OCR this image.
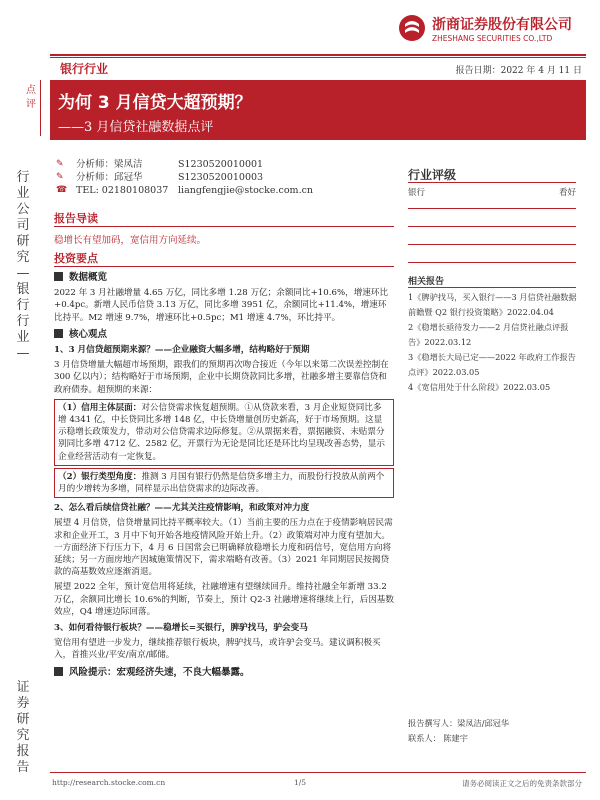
浙商证券股份有限公司
ZHESHANG SECURITIES CO.,LTD
银行行业	报告日期：2022 年 4 月 11 日
点评 为何 3 月信贷大超预期？
——3 月信贷社融数据点评
行业公司研究—银行行业—
证券研究报告
✎	分析师：梁凤洁	S1230520010001
✎	分析师：邱冠华	S1230520010003
☎ TEL: 02180108037 liangfengjie@stocke.com.cn
报告导读
稳增长有望加码，宽信用方向延续。
投资要点
数据概览
2022 年 3 月社融增量 4.65 万亿，同比多增 1.28 万亿；余额同比+10.6%，增速环比+0.4pc。新增人民币信贷 3.13 万亿，同比多增 3951 亿，余额同比+11.4%，增速环比持平。M2 增速 9.7%，增速环比+0.5pc；M1 增速 4.7%，环比持平。
核心观点
1、3 月信贷超预期来源？——企业融资大幅多增，结构略好于预期
3 月信贷增量大幅超市场预期，跟我们的预期再次吻合接近（今年以来第二次误差控制在 300 亿以内）；结构略好于市场预期，企业中长期贷款同比多增，社融多增主要靠信贷和政府债券。超预期的来源：
（1）信用主体层面：对公信贷需求恢复超预期。①从贷款来看，3 月企业短贷同比多增 4341 亿，中长贷同比多增 148 亿，中长贷增量创历史新高，好于市场预期。这显示稳增长政策发力，带动对公信贷需求边际修复。②从票据来看，票据融资、未贴票分别同比多增 4712 亿、2582 亿，开票行为无论是同比还是环比均呈现改善态势，显示企业经营活动有一定恢复。
（2）银行类型角度：推测 3 月国有银行仍然是信贷多增主力，而股份行投放从前两个月的少增转为多增，同样显示出信贷需求的边际改善。
2、怎么看后续信贷社融？——尤其关注疫情影响，和政策对冲力度
展望 4 月信贷，信贷增量同比持平概率较大。（1）当前主要的压力点在于疫情影响居民需求和企业开工，3 月中下旬开始各地疫情风险开始上升。（2）政策端对冲力度有望加大。一方面经济下行压力下，4 月 6 日国常会已明确释放稳增长力度和码信号，宽信用方向将延续；另一方面房地产因城施策情况下，需求端略有改善。（3）2021 年同期居民按揭贷款的高基数效应逐渐消退。
展望 2022 全年，预计宽信用将延续，社融增速有望继续回升。维持社融全年新增 33.2 万亿，余额同比增长 10.6%的判断，节奏上，预计 Q2-3 社融增速将继续上行，后因基数效应，Q4 增速边际回落。
3、如何看待银行板块？——稳增长=买银行，脾驴找马，驴会变马
宽信用有望进一步发力，继续推荐银行板块，脾驴找马，或许驴会变马。建议调积极买入，首推兴业/平安/南京/邮储。
风险提示：宏观经济失速，不良大幅暴露。
行业评级
银行	看好
相关报告
1《脾驴找马，买入银行——3 月信贷社融数据前瞻暨 Q2 银行投资策略》2022.04.04
2《稳增长亟待发力——2 月信贷社融点评报告》2022.03.12
3《稳增长大局已定——2022 年政府工作报告点评》2022.03.05
4《宽信用处于什么阶段》2022.03.05
报告撰写人：梁凤洁/邱冠华
联系人： 陈建宇
http://research.stocke.com.cn	1/5	请务必阅读正文之后的免责条款部分
